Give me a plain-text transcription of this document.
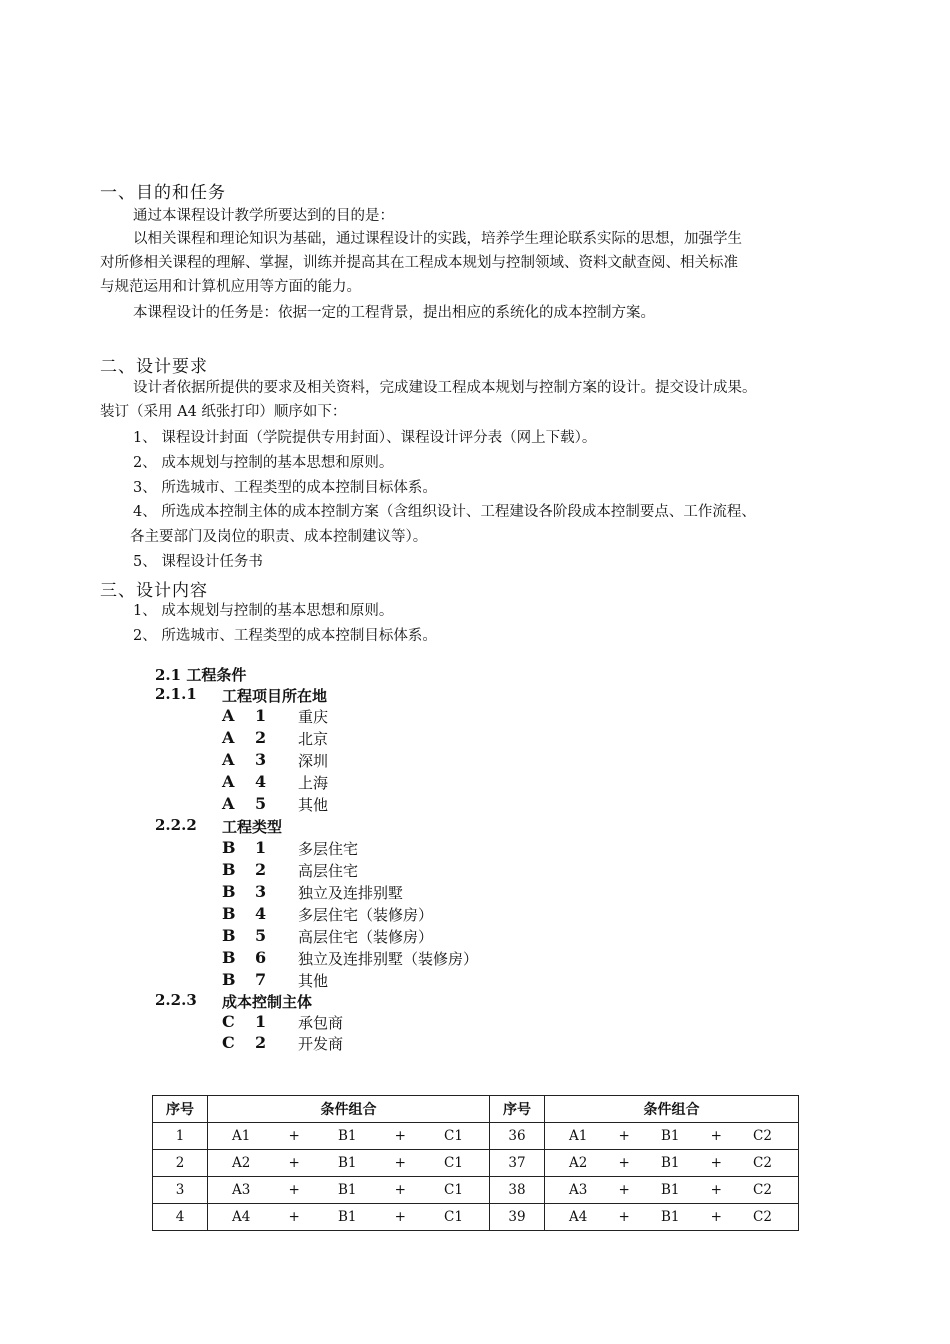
一、目的和任务
通过本课程设计教学所要达到的目的是：
以相关课程和理论知识为基础，通过课程设计的实践，培养学生理论联系实际的思想，加强学生
对所修相关课程的理解、掌握，训练并提高其在工程成本规划与控制领域、资料文献查阅、相关标准
与规范运用和计算机应用等方面的能力。
本课程设计的任务是：依据一定的工程背景，提出相应的系统化的成本控制方案。
二、设计要求
设计者依据所提供的要求及相关资料，完成建设工程成本规划与控制方案的设计。提交设计成果。
装订（采用 A4 纸张打印）顺序如下：
1、 课程设计封面（学院提供专用封面）、课程设计评分表（网上下载）。
2、 成本规划与控制的基本思想和原则。
3、 所选城市、工程类型的成本控制目标体系。
4、 所选成本控制主体的成本控制方案（含组织设计、工程建设各阶段成本控制要点、工作流程、
各主要部门及岗位的职责、成本控制建议等）。
5、 课程设计任务书
三、设计内容
1、 成本规划与控制的基本思想和原则。
2、 所选城市、工程类型的成本控制目标体系。
2.1 工程条件
2.1.1 工程项目所在地
A 1 重庆
A 2 北京
A 3 深圳
A 4 上海
A 5 其他
2.2.2 工程类型
B 1 多层住宅
B 2 高层住宅
B 3 独立及连排别墅
B 4 多层住宅（装修房）
B 5 高层住宅（装修房）
B 6 独立及连排别墅（装修房）
B 7 其他
2.2.3 成本控制主体
C 1 承包商
C 2 开发商
序号	条件组合	序号	条件组合
1	A1 + B1 + C1	36	A1 + B1 + C2

2	A2 + B1 + C1	37	A2 + B1 + C2

3	A3 + B1 + C1	38	A3 + B1 + C2

4	A4 + B1 + C1	39	A4 + B1 + C2
